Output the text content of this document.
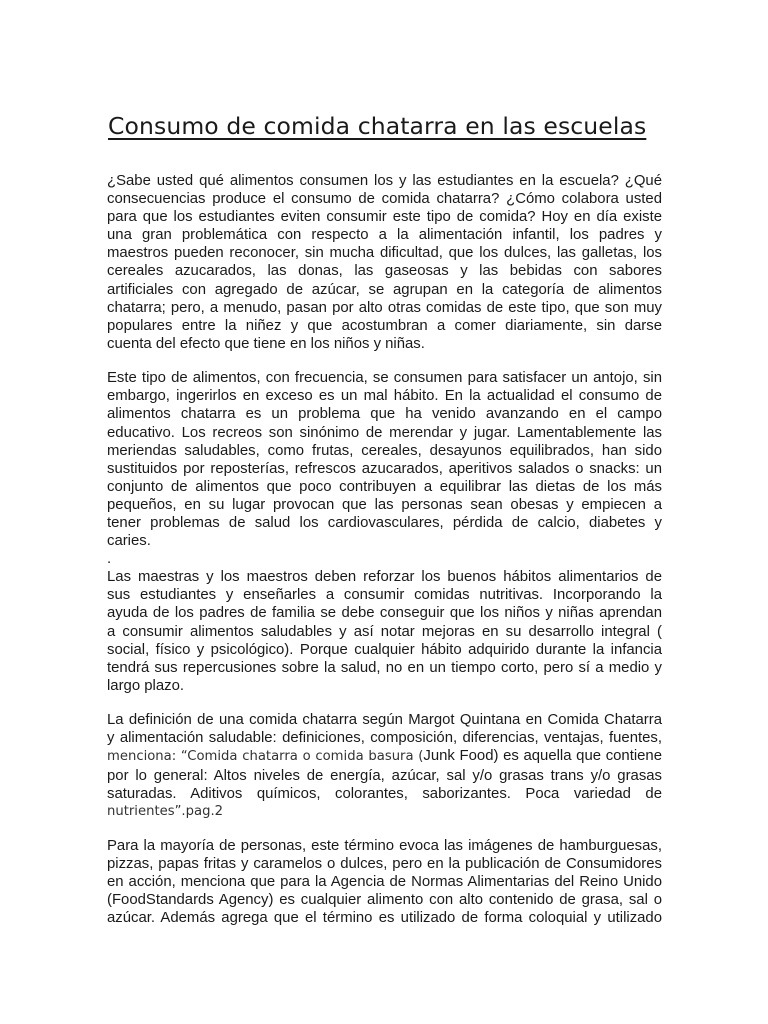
Consumo de comida chatarra en las escuelas

¿Sabe usted qué alimentos consumen los y las estudiantes en la escuela? ¿Qué
consecuencias produce el consumo de comida chatarra? ¿Cómo colabora usted
para que los estudiantes eviten consumir este tipo de comida? Hoy en día existe
una gran problemática con respecto a la alimentación infantil, los padres y
maestros pueden reconocer, sin mucha dificultad, que los dulces, las galletas, los
cereales azucarados, las donas, las gaseosas y las bebidas con sabores
artificiales con agregado de azúcar, se agrupan en la categoría de alimentos
chatarra; pero, a menudo, pasan por alto otras comidas de este tipo, que son muy
populares entre la niñez y que acostumbran a comer diariamente, sin darse
cuenta del efecto que tiene en los niños y niñas.

Este tipo de alimentos, con frecuencia, se consumen para satisfacer un antojo, sin
embargo, ingerirlos en exceso es un mal hábito. En la actualidad el consumo de
alimentos chatarra es un problema que ha venido avanzando en el campo
educativo. Los recreos son sinónimo de merendar y jugar. Lamentablemente las
meriendas saludables, como frutas, cereales, desayunos equilibrados, han sido
sustituidos por reposterías, refrescos azucarados, aperitivos salados o snacks: un
conjunto de alimentos que poco contribuyen a equilibrar las dietas de los más
pequeños, en su lugar provocan que las personas sean obesas y empiecen a
tener problemas de salud los cardiovasculares, pérdida de calcio, diabetes y
caries.
.

Las maestras y los maestros deben reforzar los buenos hábitos alimentarios de
sus estudiantes y enseñarles a consumir comidas nutritivas. Incorporando la
ayuda de los padres de familia se debe conseguir que los niños y niñas aprendan
a consumir alimentos saludables y así notar mejoras en su desarrollo integral (
social, físico y psicológico). Porque cualquier hábito adquirido durante la infancia
tendrá sus repercusiones sobre la salud, no en un tiempo corto, pero sí a medio y
largo plazo.

La definición de una comida chatarra según Margot Quintana en Comida Chatarra
y alimentación saludable: definiciones, composición, diferencias, ventajas, fuentes,
menciona: “Comida chatarra o comida basura (Junk Food) es aquella que contiene
por lo general: Altos niveles de energía, azúcar, sal y/o grasas trans y/o grasas
saturadas. Aditivos químicos, colorantes, saborizantes. Poca variedad de
nutrientes”.pag.2

Para la mayoría de personas, este término evoca las imágenes de hamburguesas,
pizzas, papas fritas y caramelos o dulces, pero en la publicación de Consumidores
en acción, menciona que para la Agencia de Normas Alimentarias del Reino Unido
(FoodStandards Agency) es cualquier alimento con alto contenido de grasa, sal o
azúcar. Además agrega que el término es utilizado de forma coloquial y utilizado
